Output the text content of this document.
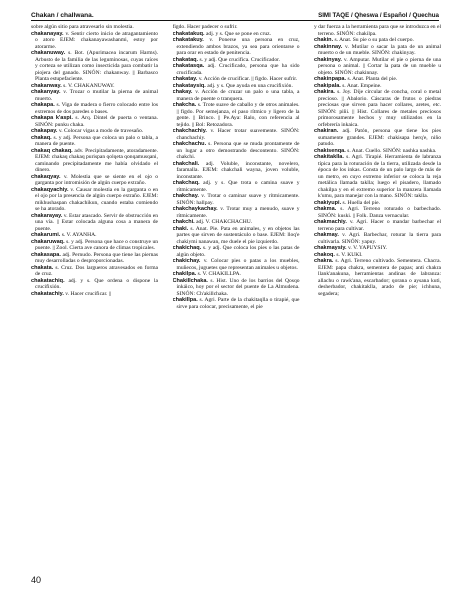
Chakan / challwana.	SIMI TAQE / Qheswa / Español / Quechua

sobre algún sitio para atravesarlo sin molestia.

chakanayay. v. Sentir cierto inicio de atragantamiento o atoro EJEM: chakanayawashanmi, estoy por atorarme.

chakanuway. s. Bot. (Apurimacea incarum Harms). Arbusto de la familia de las leguminosas, cuyas raíces y corteza se utilizan como insecticida para combatir la piojera del ganado. SINÓN: chakanway. || Barbasco Planta estupefaciente.

chakanway. s. V. CHAKANUWAY.

chakanyay. v. Trozar o mutilar la pierna de animal muerto.

chakapa. s. Viga de madera o fierro colocado entre los extremos de dos paredes o bases.

chakapa k'aspi. s. Arq. Dintel de puerta o ventana. SINÓN: punku chaka.

chakapay. v. Colocar vigas a modo de travesaño.

chakaq. s. y adj. Persona que coloca un palo o tabla, a manera de puente.

chakaq chakaq. adv. Precipitadamente, atoradamente. EJEM: chakaq chakaq purispan qolqeta qonqamusqani, caminando precipitadamente me había olvidado el dinero.

chakaqyay. v. Molestia que se siente en el ojo o garganta por intromisión de algún cuerpo extraño.

chakaqyachiy. v. Causar molestia en la garganta o en el ojo por la presencia de algún cuerpo extraño. EJEM: mikhushaspan chakachikun, cuando estaba comiendo se ha atorado.

chakarayay. v. Estar atascado. Servir de obstrucción en una vía. || Estar colocada alguna cosa a manera de puente.

chakarumi. s. V. AYANHA.

chakaruwaq. s. y adj. Persona que hace o construye un puente. || Zool. Cierta ave canora de climas tropicales.

chakasapa. adj. Pernudo. Persona que tiene las piernas muy desarrolladas o desproporcionadas.

chakata. s. Cruz. Dos largueros atravesados en forma de cruz.

chakatachiq. adj. y s. Que ordena o dispone la crucifixión.

chakatachiy. v. Hacer crucificar. ||

figdo. Hacer padecer o sufrir.

chakatakuq. adj. y s. Que se pone en cruz.

chakatakuy. v. Ponerse una persona en cruz, extendiendo ambos brazos, ya sea para orientarse o para orar en estado de penitencia.

chakataq. s. y adj. Que crucifica. Crucificador.

chakatasqa. adj. Crucificado, persona que ha sido crucificada.

chakatay. v. Acción de crucificar. || figdo. Hacer sufrir.

chakataysiq. adj. y s. Que ayuda en una crucifixión.

chakay. v. Acción de cruzar un palo o una tabla, a manera de puente o tranquera.

chakcha. s. Trote suave de caballo y de otros animales. || figdo. Por semejanza, el paso rítmico y ligero de la gente. || Brinco. || Pe.Aya: Ralo, con referencia al tejido. || Bol: Retozadora.

chakchachiy. v. Hacer trotar suavemente. SINÓN: chanchachiy.

chakchachu. s. Persona que se muda prontamente de un lugar a otro demostrando descontento. SINÓN: chakchi.

chakchali. adj. Voluble, inconstante, novelero, faramalla. EJEM: chakchali wayna, joven voluble, inconstante.

chakchaq. adj. y s. Que trota o camina suave y rítmicamente.

chakchay. v. Trotar o caminar suave y rítmicamente. SINÓN: hallpay.

chakchaykachay. v. Trotar muy a menudo, suave y rítmicamente.

chakchi. adj. V. CHAKCHACHU.

chaki. s. Anat. Pie. Pata en animales, y en objetos las partes que sirven de sustentáculo o base. EJEM: lloq'e chakiymi nanawan, me duele el pie izquierdo.

chakichaq. s. y adj. Que coloca los pies o las patas de algún objeto.

chakichay. v. Colocar pies o patas a los muebles, muñecos, juguetes que representan animales u objetos.

chakilpa. s. V. CHAKILLPA.

Chakillchaka. s. Hist. Uno de los barrios del Qosqo inkáico, hoy por el sector del puente de La Almudena. SINÓN: Ch'akillchaka.

chakillpa. s. Agri. Parte de la chakitaqlla o tirapié, que sirve para colocar, precisamente, el pie

y dar fuerza a la herramienta para que se introduzca en el terreno. SINÓN: chakilpa.

chakin. s. Anat. Su pie o su pata del cuerpo.

chakinnay. v. Mutilar o sacar la pata de un animal muerto o de un mueble. SINÓN: chakinyay.

chakinyay. v. Amputar. Mutilar el pie o pierna de una persona o animal. || Cortar la pata de un mueble u objeto. SINÓN: chakinnay.

chakinpapa. s. Anat. Planta del pie.

chakipala. s. Anat. Empeine.

chakira. s. Joy. Dije circular de concha, coral o metal precioso. || Abalorio. Cáscaras de frutos o piedras preciosas que sirven para hacer collares, aretes, etc. SINÓN: piñi. || Hist. Collares de metales preciosos primorosamente hechos y muy utilizados en la orfebrería inkaica.

chakiran. adj. Patón, persona que tiene los pies sumamente grandes. EJEM: chakisapa herq'e, niño patudo.

chakisenqa. s. Anat. Cuello. SINÓN: nashka nashka.

chakitaklla. s. Agri. Tirapié. Herramienta de labranza típica para la roturación de la tierra, utilizada desde la época de los inkas. Consta de un palo largo de más de un metro, en cuyo extremo inferior se coloca la reja metálica llamada taklla; luego el pisadero, llamado chakilpa y en el extremo superior la manzera llamada k'umu, para manejar con la mano. SINÓN: taklla.

chakiyupi. s. Huella del pie.

chakma. s. Agri. Terreno roturado o barbechado. SINÓN: kuski. || Folk. Danza vernacular.

chakmachiy. v. Agri. Hacer o mandar barbechar el terreno para cultivar.

chakmay. v. Agri. Barbechar, roturar la tierra para cultivarla. SINÓN: yapuy.

chakmaysiy. v. V. YAPUYSIY.

chakoq. s. V. KUKI.

chakra. s. Agri. Terreno cultivado. Sementera. Chacra. EJEM: papa chakra, sementera de papas; anti chakra llank'anakuna, herramientas andinas de labranza: allachu o rawk'ana, escarbador; qorana o aysana kuti, desherbador, chakitaklla, arado de pie; ichhuna, segadera;

40
